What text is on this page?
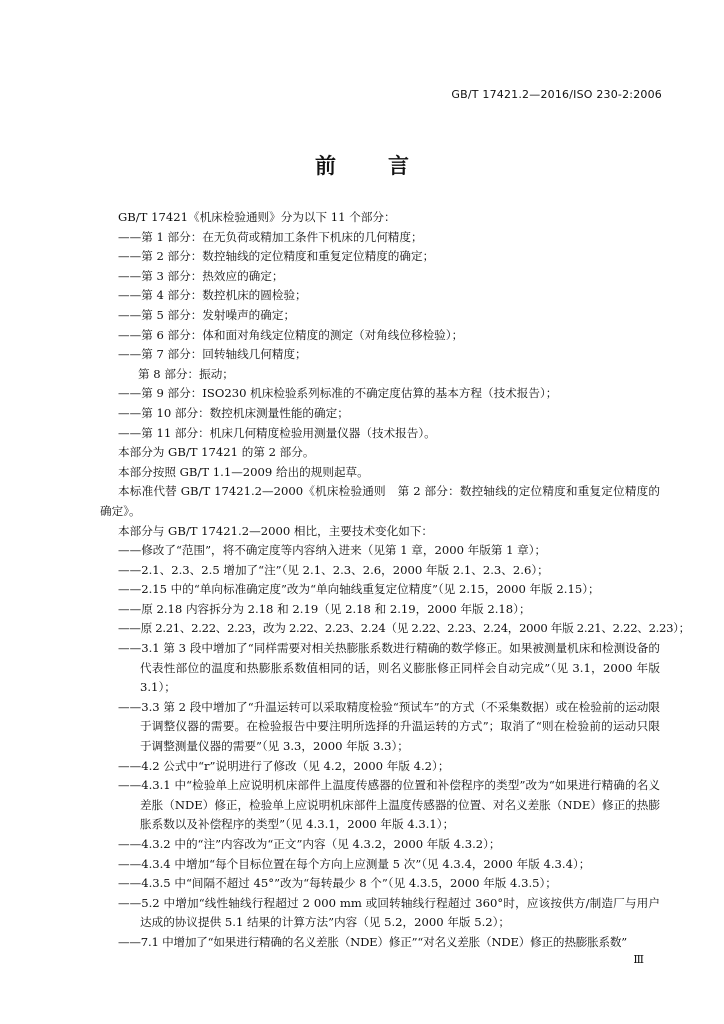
GB/T 17421.2—2016/ISO 230-2:2006
前 言

GB/T 17421《机床检验通则》分为以下 11 个部分：

——第 1 部分：在无负荷或精加工条件下机床的几何精度；

——第 2 部分：数控轴线的定位精度和重复定位精度的确定；

——第 3 部分：热效应的确定；

——第 4 部分：数控机床的圆检验；

——第 5 部分：发射噪声的确定；

——第 6 部分：体和面对角线定位精度的测定（对角线位移检验）；

——第 7 部分：回转轴线几何精度；

第 8 部分：振动；

——第 9 部分：ISO230 机床检验系列标准的不确定度估算的基本方程（技术报告）；

——第 10 部分：数控机床测量性能的确定；

——第 11 部分：机床几何精度检验用测量仪器（技术报告）。

本部分为 GB/T 17421 的第 2 部分。

本部分按照 GB/T 1.1—2009 给出的规则起草。

本标准代替 GB/T 17421.2—2000《机床检验通则　第 2 部分：数控轴线的定位精度和重复定位精度的确定》。

本部分与 GB/T 17421.2—2000 相比，主要技术变化如下：

——修改了“范围”，将不确定度等内容纳入进来（见第 1 章，2000 年版第 1 章）；

——2.1、2.3、2.5 增加了“注”（见 2.1、2.3、2.6，2000 年版 2.1、2.3、2.6）；

——2.15 中的“单向标准确定度”改为“单向轴线重复定位精度”（见 2.15，2000 年版 2.15）；

——原 2.18 内容拆分为 2.18 和 2.19（见 2.18 和 2.19，2000 年版 2.18）；

——原 2.21、2.22、2.23，改为 2.22、2.23、2.24（见 2.22、2.23、2.24，2000 年版 2.21、2.22、2.23）；

——3.1 第 3 段中增加了“同样需要对相关热膨胀系数进行精确的数学修正。如果被测量机床和检测设备的代表性部位的温度和热膨胀系数值相同的话，则名义膨胀修正同样会自动完成”（见 3.1，2000 年版 3.1）；

——3.3 第 2 段中增加了“升温运转可以采取精度检验“预试车”的方式（不采集数据）或在检验前的运动限于调整仪器的需要。在检验报告中要注明所选择的升温运转的方式”；取消了“则在检验前的运动只限于调整测量仪器的需要”（见 3.3，2000 年版 3.3）；

——4.2 公式中“r”说明进行了修改（见 4.2，2000 年版 4.2）；

——4.3.1 中“检验单上应说明机床部件上温度传感器的位置和补偿程序的类型”改为“如果进行精确的名义差胀（NDE）修正，检验单上应说明机床部件上温度传感器的位置、对名义差胀（NDE）修正的热膨胀系数以及补偿程序的类型”（见 4.3.1，2000 年版 4.3.1）；

——4.3.2 中的“注”内容改为“正文”内容（见 4.3.2，2000 年版 4.3.2）；

——4.3.4 中增加“每个目标位置在每个方向上应测量 5 次”（见 4.3.4，2000 年版 4.3.4）；

——4.3.5 中“间隔不超过 45°”改为“每转最少 8 个”（见 4.3.5，2000 年版 4.3.5）；

——5.2 中增加“线性轴线行程超过 2 000 mm 或回转轴线行程超过 360°时，应该按供方/制造厂与用户达成的协议提供 5.1 结果的计算方法”内容（见 5.2，2000 年版 5.2）；

——7.1 中增加了“如果进行精确的名义差胀（NDE）修正”“对名义差胀（NDE）修正的热膨胀系数”

Ⅲ
